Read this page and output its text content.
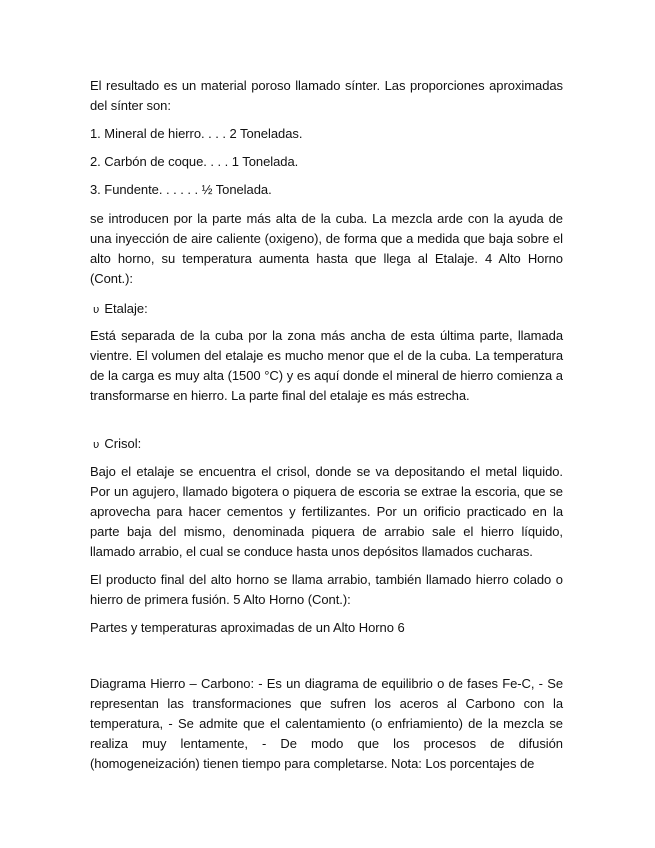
El resultado es un material poroso llamado sínter. Las proporciones aproximadas del sínter son:

1. Mineral de hierro. . . . 2 Toneladas.

2. Carbón de coque. . . . 1 Tonelada.

3. Fundente. . . . . . ½ Tonelada.

se introducen por la parte más alta de la cuba. La mezcla arde con la ayuda de una inyección de aire caliente (oxigeno), de forma que a medida que baja sobre el alto horno, su temperatura aumenta hasta que llega al Etalaje. 4 Alto Horno (Cont.):

υ Etalaje:

Está separada de la cuba por la zona más ancha de esta última parte, llamada vientre. El volumen del etalaje es mucho menor que el de la cuba. La temperatura de la carga es muy alta (1500 °C) y es aquí donde el mineral de hierro comienza a transformarse en hierro. La parte final del etalaje es más estrecha.

υ Crisol:

Bajo el etalaje se encuentra el crisol, donde se va depositando el metal liquido. Por un agujero, llamado bigotera o piquera de escoria se extrae la escoria, que se aprovecha para hacer cementos y fertilizantes. Por un orificio practicado en la parte baja del mismo, denominada piquera de arrabio sale el hierro líquido, llamado arrabio, el cual se conduce hasta unos depósitos llamados cucharas.

El producto final del alto horno se llama arrabio, también llamado hierro colado o hierro de primera fusión. 5 Alto Horno (Cont.):

Partes y temperaturas aproximadas de un Alto Horno 6

Diagrama Hierro – Carbono: - Es un diagrama de equilibrio o de fases Fe-C, - Se representan las transformaciones que sufren los aceros al Carbono con la temperatura, - Se admite que el calentamiento (o enfriamiento) de la mezcla se realiza muy lentamente, - De modo que los procesos de difusión (homogeneización) tienen tiempo para completarse. Nota: Los porcentajes de
